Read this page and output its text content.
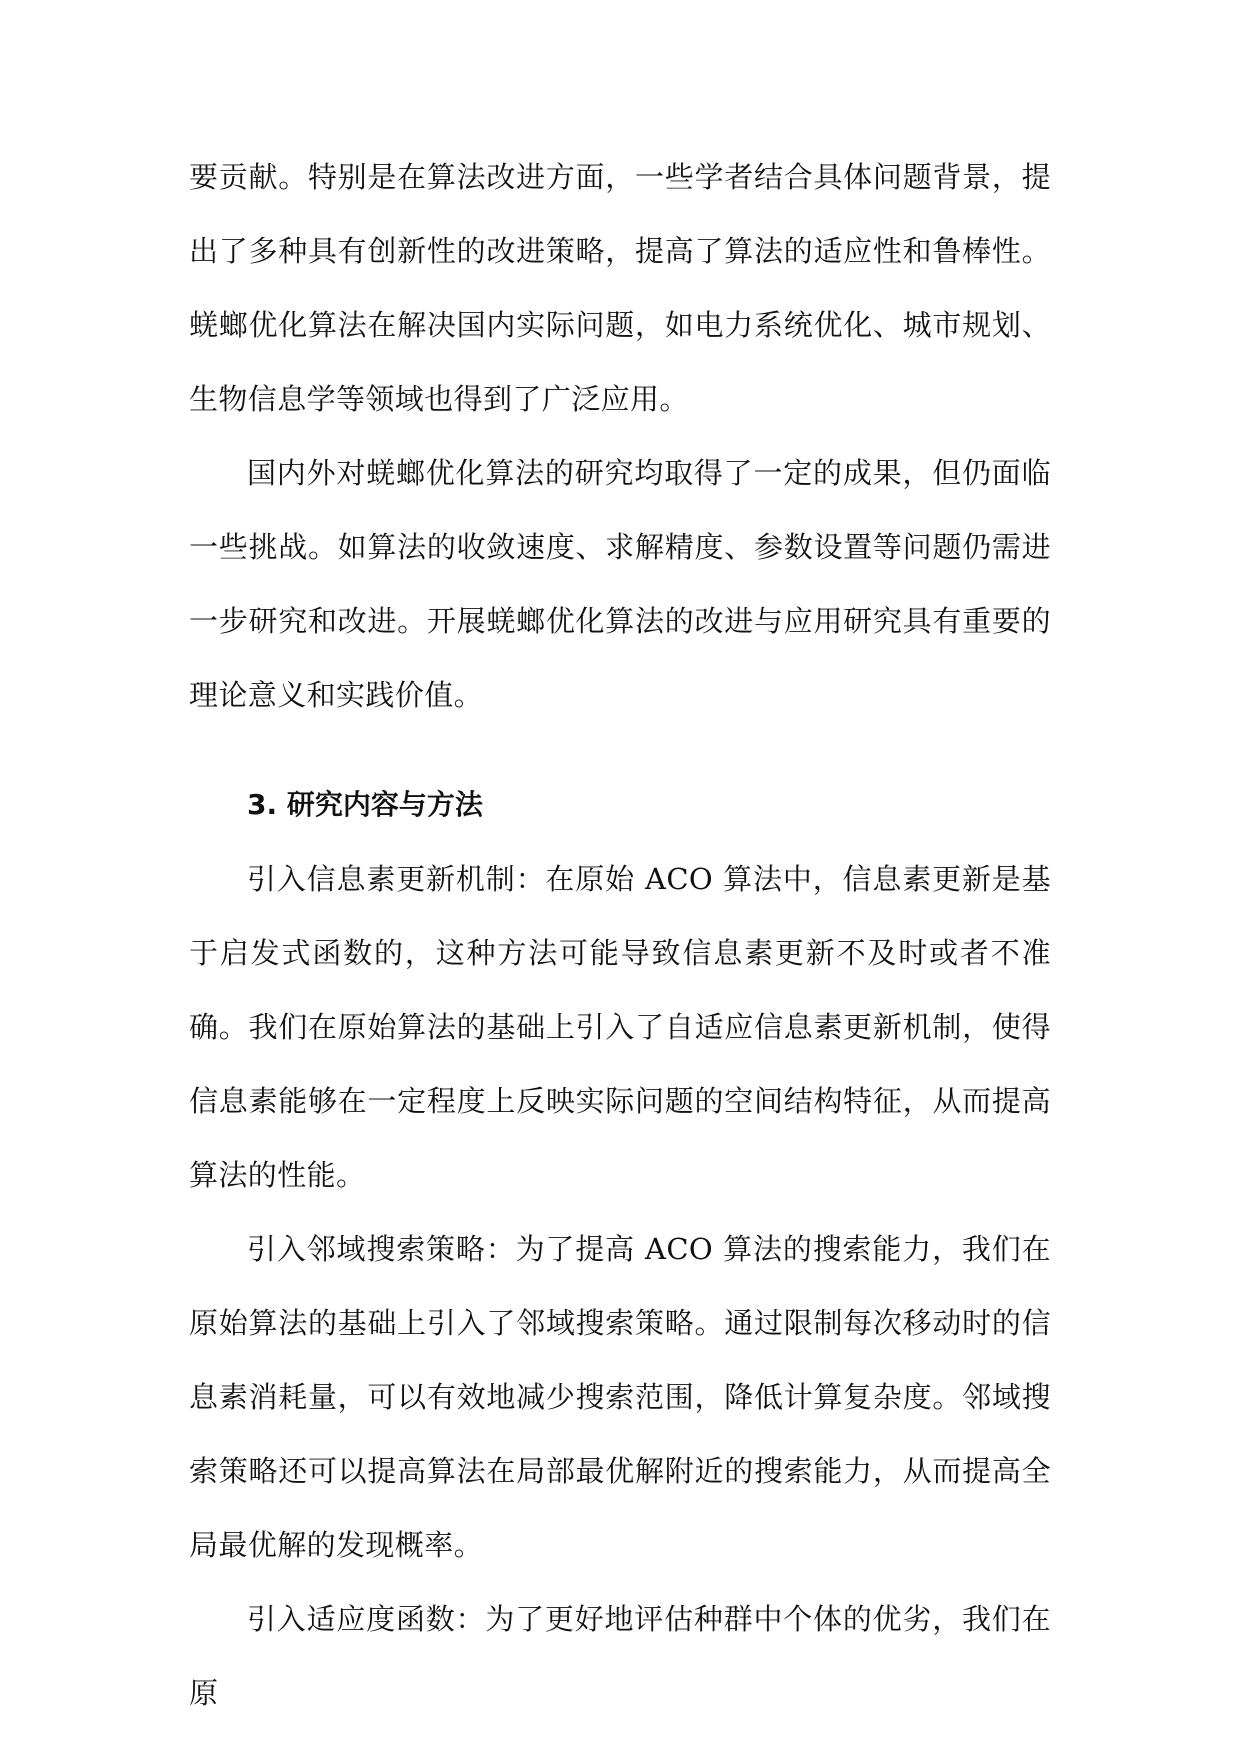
要贡献。特别是在算法改进方面，一些学者结合具体问题背景，提出了多种具有创新性的改进策略，提高了算法的适应性和鲁棒性。蜣螂优化算法在解决国内实际问题，如电力系统优化、城市规划、生物信息学等领域也得到了广泛应用。

国内外对蜣螂优化算法的研究均取得了一定的成果，但仍面临一些挑战。如算法的收敛速度、求解精度、参数设置等问题仍需进一步研究和改进。开展蜣螂优化算法的改进与应用研究具有重要的理论意义和实践价值。

3. 研究内容与方法

引入信息素更新机制：在原始 ACO 算法中，信息素更新是基于启发式函数的，这种方法可能导致信息素更新不及时或者不准确。我们在原始算法的基础上引入了自适应信息素更新机制，使得信息素能够在一定程度上反映实际问题的空间结构特征，从而提高算法的性能。

引入邻域搜索策略：为了提高 ACO 算法的搜索能力，我们在原始算法的基础上引入了邻域搜索策略。通过限制每次移动时的信息素消耗量，可以有效地减少搜索范围，降低计算复杂度。邻域搜索策略还可以提高算法在局部最优解附近的搜索能力，从而提高全局最优解的发现概率。

引入适应度函数：为了更好地评估种群中个体的优劣，我们在原
